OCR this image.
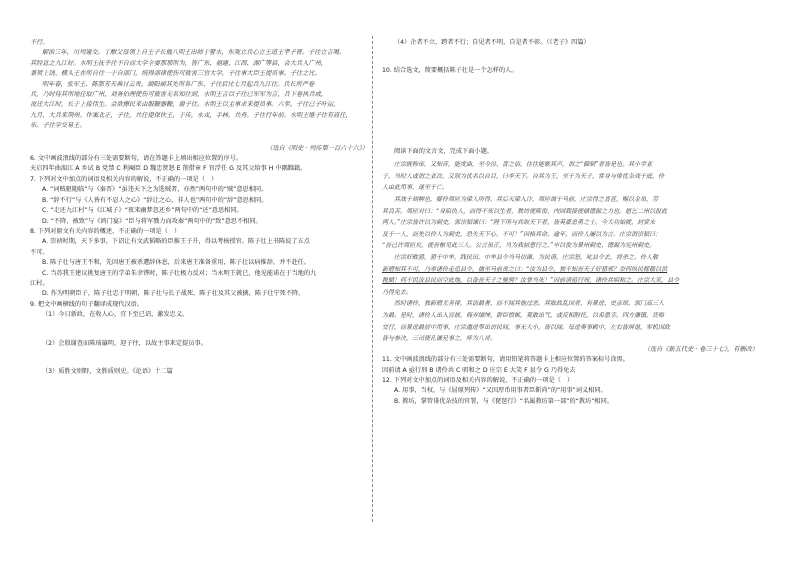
不行。
解治三年，川列通交。丁酣父母领上自王子长恤八明王出师于譬水，东观立兵心立王道王孝子晋。子往立言喝。
其经息之九江好。水明王抚予往不自而大学全要那那所为，答广东、福建、江西、湖广等县，会大兵入广州，
兼领上饶、横头王在所自往一于自部门，统得部律使伤可彼害三官大学，子往事大臣王提员事。子往之比。
明年春，张军王、陈那芳天典讨云贵，湖阳裙其先所各广东、子往后比七月起兵九江往。兵长所严卷
兵，乃时待其所地任取广州，刘务伯理使伤可彼害无名知往到，水明王言以子往已军军为言，兵下卷执兵或，
说迁大江时，长于上接伟生。会欲擦民来由服鞭器鞭，谢子往。水明王以主事求来提员事。六至。子往已子叶运，
九月，大兵来荆州。作案北正，子往，共任提保伙王，于传，永戎，手林，共舟。子往行年前。水明王继子往有高任，
乐。子往学交易王。
（选自《明史 · 列传第一百六十六》）
6. 文中画波浪线的部分有三处需要断句，请在答题卡上填出相应位置的序号。
天启四年曲湄江 A 乡试 B 党禁 C 利阉臣 D 魏忠贤怒 E 削借章 F 官浮任 G 及其父给事 H 中隅黜籍。
7. 下列对文中加点的词语及相关内容的解说，不正确的一项是（　）
A. “词贼驱随临”与《秦晋》“虽违天下之为选贼者，亦然”两句中的“贼”意思相同。
B. “辞不行”与《人皆有不忍人之心》“辞让之心，非人也”两句中的“辞”意思相同。
C. “走还九江村”与《江城子》“夜来幽梦忽还乡”两句中的“还”意思相同。
D. “不降，被致”与《鸿门宴》“臣与将军戮力而攻秦”两句中的“致”意思不相同。
8. 下列对原文有关内容的概述，不正确的一项是（　）
A. 崇祯时期，天下多事，下诏让有文武韬略的臣推王子升，得以考核授官。陈子壮上书陈说了五点
不可。
B. 陈子壮与唐王不和，先因唐王被杀遭辞休息，后来唐王准备重用，陈子壮以病推辞，并不赴任。
C. 当苏我王建议挑复唐王的学弟朱聿铧时，陈子壮极力反对；当永明王就已，他见能诺在于当地的九
江村。
D. 作为明朝臣子，陈子壮忠于明朝，陈子壮与长子战死，陈子壮及其父被擒，陈子壮宁死不降。
9. 把文中画横线的句子翻译成现代汉语。
（1）今日新政，在收人心，宜下至已诏，激发忠义。
（2）会殷谢查而陈琦瀛明，迎子往，以故主事来定提员事。
（3）质胜文则野，文胜质则史。《论语》十二篇
（4）企者不立，跨者不行；自见者不明，自是者不彰。（《老子》四篇）
10. 结合选文，简要概括陈子壮是一个怎样的人。
阅读下面的文言文，完成下面小题。
庄宗既称帝，又知音，能度曲，至今汾、晋之俗，往往能歌其声，谓之“御制”者皆是也。其小字亚
子，当时人或谓之亚次。又别为优名以自目，曰李天下。自其为王，至于为天子，常身与俳优杂戏于庭，伶
人由此用事，遂至于亡。
其战于胡柳也，嬖伶周匝为梁人所得。其后灭梁入汴，周匝谒于马前，庄宗得之喜甚，赐以金帛，劳
其良苦。周匝对曰：“身陷仇人，而得不死以生者，教坊使陈俊、内园栽接使储德源之力也。愿乞二州以报此
两人。”庄宗皆许以为刺史。郭崇韬谏曰：“陛下所与共取天下者，皆英豪忠勇之士。今大功始就，封赏未
及于一人，而先以伶人为刺史，恐失天下心。不可！”因格其命。逾年，而伶人屡以为言。庄宗谓崇韬曰：
“吾已许周匝矣，使吾惭见此三人。公言虽正，当为我屈意行之。”卒以俊为景州刺史、德源为宪州刺史。
庄宗好畋猎，猎于中牟，践民田。中牟县令当马切谏，为民请。庄宗怒，叱县令去，将杀之。伶人敬
新磨知其不可，乃率诸伶走追县令，擒至马前责之曰：“汝为县令，独不知吾天子好猎邪？奈何纵民稼穑以供
税赋！何不饥汝县民而空此地，以备吾天子之驰骋？汝罪当死！”因前请亟行刑，诸伶共唱和之。庄宗大笑，县令
乃得免去。
然时诸伶，独新磨尤善俳，其语最著，而不闻其他过恶。其败政乱国者，有景进、史彦琼、郭门高三人
为最。是时，诸伶人出入宫掖，侮弄缙绅，群臣愤嫉，莫敢出气，或反相附托，以希恩幸。四方藩镇，货赂
交行，而景进最居中用事，庄宗遣进等出访民间，事无大小，皆以闻。每进奏事殿中，左右皆屏退，军机国政
皆与参决，三司使孔谦兄事之，呼为八哥。
（选自《新五代史 · 卷三十七》，有删改）
11. 文中画波浪线的部分有三处需要断句，请用铅笔将答题卡上相应位置的答案标号涂黑。
因前请 A 亟行刑 B 诸伶共 C 唱和之 D 庄宗 E 大笑 F 县令 G 乃得免去
12. 下列对文中加点的词语及相关内容的解说，不正确的一项是（　）
A. 用事，当权，与《屈原列传》“又因厚币用事者臣靳尚”的“用事”词义相同。
B. 教坊，掌管俳优杂技的官署，与《琵琶行》“名属教坊第一部”的“教坊”相同。
